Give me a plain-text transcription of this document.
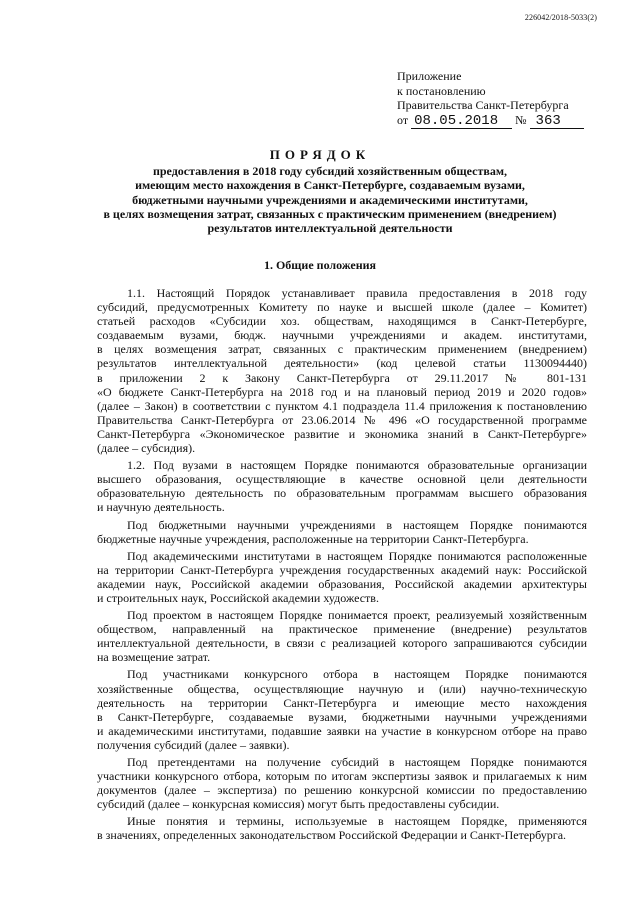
226042/2018-5033(2)
Приложение
к постановлению
Правительства Санкт-Петербурга
от 08.05.2018 № 363
ПОРЯДОК
предоставления в 2018 году субсидий хозяйственным обществам,
имеющим место нахождения в Санкт-Петербурге, создаваемым вузами,
бюджетными научными учреждениями и академическими институтами,
в целях возмещения затрат, связанных с практическим применением (внедрением)
результатов интеллектуальной деятельности
1. Общие положения
1.1. Настоящий Порядок устанавливает правила предоставления в 2018 году
субсидий, предусмотренных Комитету по науке и высшей школе (далее – Комитет)
статьей расходов «Субсидии хоз. обществам, находящимся в Санкт-Петербурге,
создаваемым вузами, бюдж. научными учреждениями и академ. институтами,
в целях возмещения затрат, связанных с практическим применением (внедрением)
результатов интеллектуальной деятельности» (код целевой статьи 1130094440)
в приложении 2 к Закону Санкт-Петербурга от 29.11.2017 № 801-131
«О бюджете Санкт-Петербурга на 2018 год и на плановый период 2019 и 2020 годов»
(далее – Закон) в соответствии с пунктом 4.1 подраздела 11.4 приложения к постановлению
Правительства Санкт-Петербурга от 23.06.2014 № 496 «О государственной программе
Санкт-Петербурга «Экономическое развитие и экономика знаний в Санкт-Петербурге»
(далее – субсидия).
1.2. Под вузами в настоящем Порядке понимаются образовательные организации
высшего образования, осуществляющие в качестве основной цели деятельности
образовательную деятельность по образовательным программам высшего образования
и научную деятельность.
Под бюджетными научными учреждениями в настоящем Порядке понимаются
бюджетные научные учреждения, расположенные на территории Санкт-Петербурга.
Под академическими институтами в настоящем Порядке понимаются расположенные
на территории Санкт-Петербурга учреждения государственных академий наук: Российской
академии наук, Российской академии образования, Российской академии архитектуры
и строительных наук, Российской академии художеств.
Под проектом в настоящем Порядке понимается проект, реализуемый хозяйственным
обществом, направленный на практическое применение (внедрение) результатов
интеллектуальной деятельности, в связи с реализацией которого запрашиваются субсидии
на возмещение затрат.
Под участниками конкурсного отбора в настоящем Порядке понимаются
хозяйственные общества, осуществляющие научную и (или) научно-техническую
деятельность на территории Санкт-Петербурга и имеющие место нахождения
в Санкт-Петербурге, создаваемые вузами, бюджетными научными учреждениями
и академическими институтами, подавшие заявки на участие в конкурсном отборе на право
получения субсидий (далее – заявки).
Под претендентами на получение субсидий в настоящем Порядке понимаются
участники конкурсного отбора, которым по итогам экспертизы заявок и прилагаемых к ним
документов (далее – экспертиза) по решению конкурсной комиссии по предоставлению
субсидий (далее – конкурсная комиссия) могут быть предоставлены субсидии.
Иные понятия и термины, используемые в настоящем Порядке, применяются
в значениях, определенных законодательством Российской Федерации и Санкт-Петербурга.
